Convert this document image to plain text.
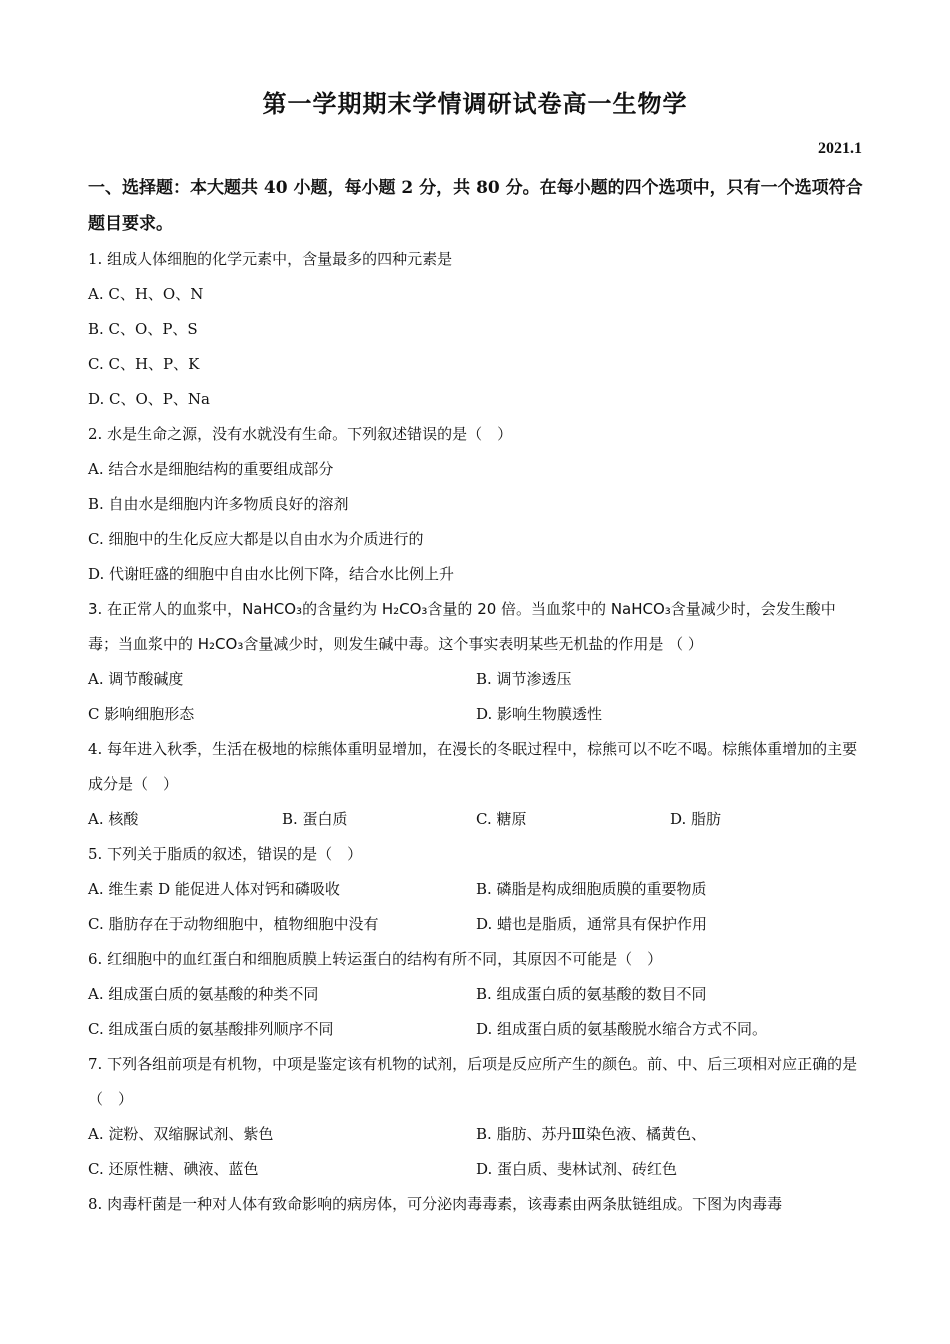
第一学期期末学情调研试卷高一生物学
2021.1

一、选择题：本大题共 40 小题，每小题 2 分，共 80 分。在每小题的四个选项中，只有一个选项符合题目要求。

1. 组成人体细胞的化学元素中，含量最多的四种元素是

A. C、H、O、N

B. C、O、P、S

C. C、H、P、K

D. C、O、P、Na

2. 水是生命之源，没有水就没有生命。下列叙述错误的是（　）

A. 结合水是细胞结构的重要组成部分

B. 自由水是细胞内许多物质良好的溶剂

C. 细胞中的生化反应大都是以自由水为介质进行的

D. 代谢旺盛的细胞中自由水比例下降，结合水比例上升

3. 在正常人的血浆中，NaHCO₃的含量约为 H₂CO₃含量的 20 倍。当血浆中的 NaHCO₃含量减少时，会发生酸中毒；当血浆中的 H₂CO₃含量减少时，则发生碱中毒。这个事实表明某些无机盐的作用是 （ ）

A. 调节酸碱度	B. 调节渗透压
C 影响细胞形态	D. 影响生物膜透性

4. 每年进入秋季，生活在极地的棕熊体重明显增加，在漫长的冬眠过程中，棕熊可以不吃不喝。棕熊体重增加的主要成分是（　）

A. 核酸	B. 蛋白质	C. 糖原	D. 脂肪

5. 下列关于脂质的叙述，错误的是（　）

A. 维生素 D 能促进人体对钙和磷吸收	B. 磷脂是构成细胞质膜的重要物质
C. 脂肪存在于动物细胞中，植物细胞中没有	D. 蜡也是脂质，通常具有保护作用

6. 红细胞中的血红蛋白和细胞质膜上转运蛋白的结构有所不同，其原因不可能是（　）

A. 组成蛋白质的氨基酸的种类不同	B. 组成蛋白质的氨基酸的数目不同
C. 组成蛋白质的氨基酸排列顺序不同	D. 组成蛋白质的氨基酸脱水缩合方式不同。

7. 下列各组前项是有机物，中项是鉴定该有机物的试剂，后项是反应所产生的颜色。前、中、后三项相对应正确的是（　）

A. 淀粉、双缩脲试剂、紫色	B. 脂肪、苏丹Ⅲ染色液、橘黄色、
C. 还原性糖、碘液、蓝色	D. 蛋白质、斐林试剂、砖红色

8. 肉毒杆菌是一种对人体有致命影响的病房体，可分泌肉毒毒素，该毒素由两条肽链组成。下图为肉毒毒
